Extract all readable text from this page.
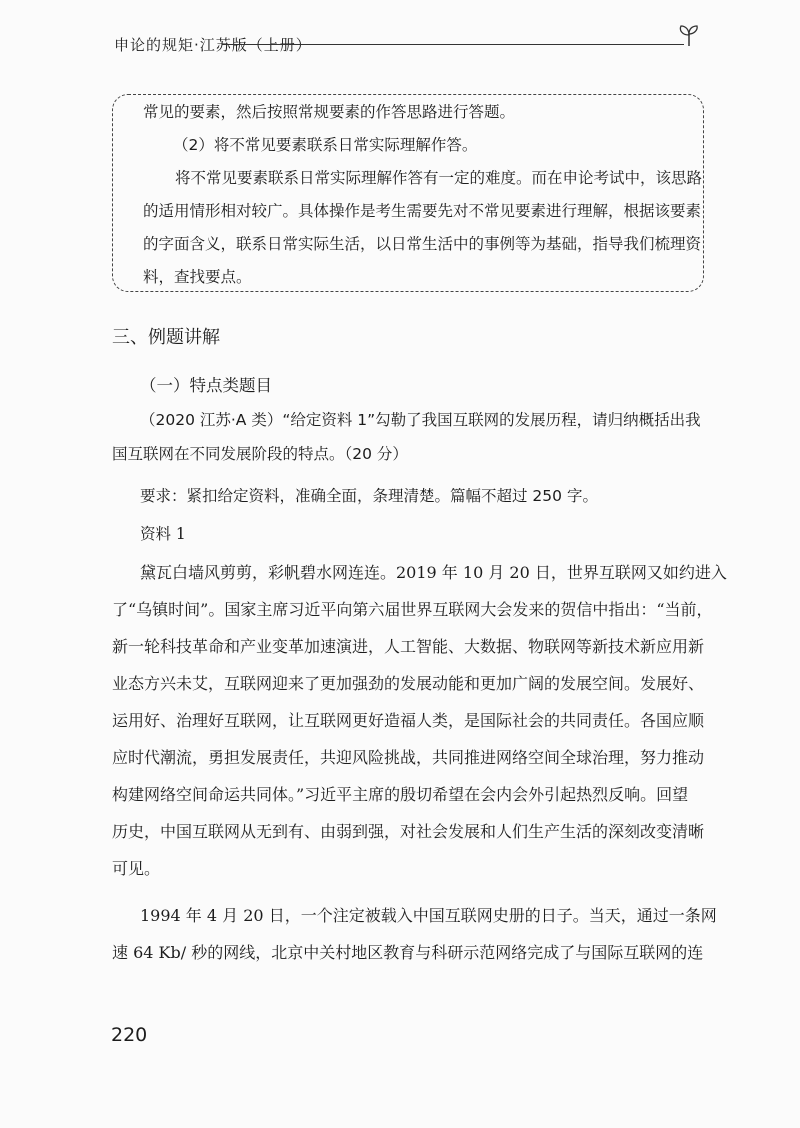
申论的规矩·江苏版（上册）

常见的要素，然后按照常规要素的作答思路进行答题。

（2）将不常见要素联系日常实际理解作答。

将不常见要素联系日常实际理解作答有一定的难度。而在申论考试中，该思路

的适用情形相对较广。具体操作是考生需要先对不常见要素进行理解，根据该要素

的字面含义，联系日常实际生活，以日常生活中的事例等为基础，指导我们梳理资

料，查找要点。

三、例题讲解
（一）特点类题目
（2020 江苏·A 类）“给定资料 1”勾勒了我国互联网的发展历程，请归纳概括出我
国互联网在不同发展阶段的特点。（20 分）
要求：紧扣给定资料，准确全面，条理清楚。篇幅不超过 250 字。
资料 1
黛瓦白墙风剪剪，彩帆碧水网连连。2019 年 10 月 20 日，世界互联网又如约进入
了“乌镇时间”。国家主席习近平向第六届世界互联网大会发来的贺信中指出：“当前，
新一轮科技革命和产业变革加速演进，人工智能、大数据、物联网等新技术新应用新
业态方兴未艾，互联网迎来了更加强劲的发展动能和更加广阔的发展空间。发展好、
运用好、治理好互联网，让互联网更好造福人类，是国际社会的共同责任。各国应顺
应时代潮流，勇担发展责任，共迎风险挑战，共同推进网络空间全球治理，努力推动
构建网络空间命运共同体。”习近平主席的殷切希望在会内会外引起热烈反响。回望
历史，中国互联网从无到有、由弱到强，对社会发展和人们生产生活的深刻改变清晰
可见。
1994 年 4 月 20 日，一个注定被载入中国互联网史册的日子。当天，通过一条网
速 64 Kb/ 秒的网线，北京中关村地区教育与科研示范网络完成了与国际互联网的连
220
